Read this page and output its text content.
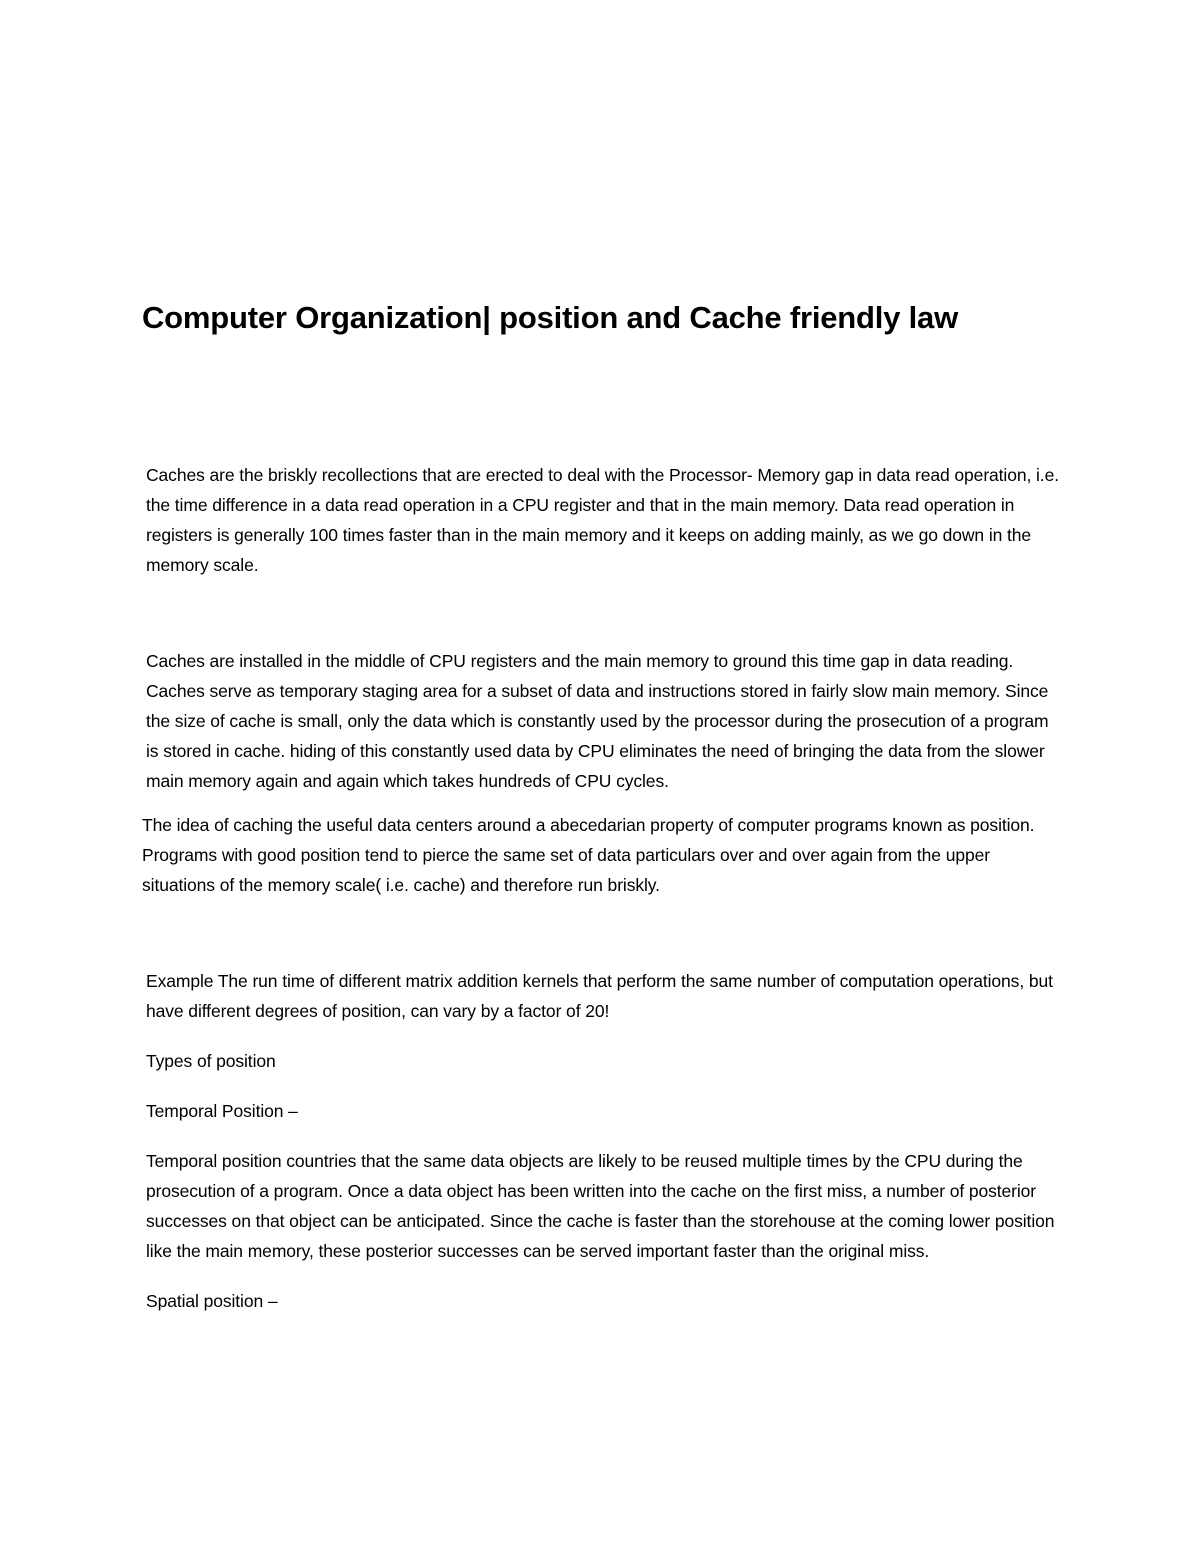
Computer Organization| position and Cache friendly law

Caches are the briskly recollections that are erected to deal with the Processor- Memory gap in data read operation, i.e. the time difference in a data read operation in a CPU register and that in the main memory. Data read operation in registers is generally 100 times faster than in the main memory and it keeps on adding mainly, as we go down in the memory scale.

Caches are installed in the middle of CPU registers and the main memory to ground this time gap in data reading. Caches serve as temporary staging area for a subset of data and instructions stored in fairly slow main memory. Since the size of cache is small, only the data which is constantly used by the processor during the prosecution of a program is stored in cache. hiding of this constantly used data by CPU eliminates the need of bringing the data from the slower main memory again and again which takes hundreds of CPU cycles.

The idea of caching the useful data centers around a abecedarian property of computer programs known as position. Programs with good position tend to pierce the same set of data particulars over and over again from the upper situations of the memory scale( i.e. cache) and therefore run briskly.

Example The run time of different matrix addition kernels that perform the same number of computation operations, but have different degrees of position, can vary by a factor of 20!

Types of position

Temporal Position –

Temporal position countries that the same data objects are likely to be reused multiple times by the CPU during the prosecution of a program. Once a data object has been written into the cache on the first miss, a number of posterior successes on that object can be anticipated. Since the cache is faster than the storehouse at the coming lower position like the main memory, these posterior successes can be served important faster than the original miss.

Spatial position –
